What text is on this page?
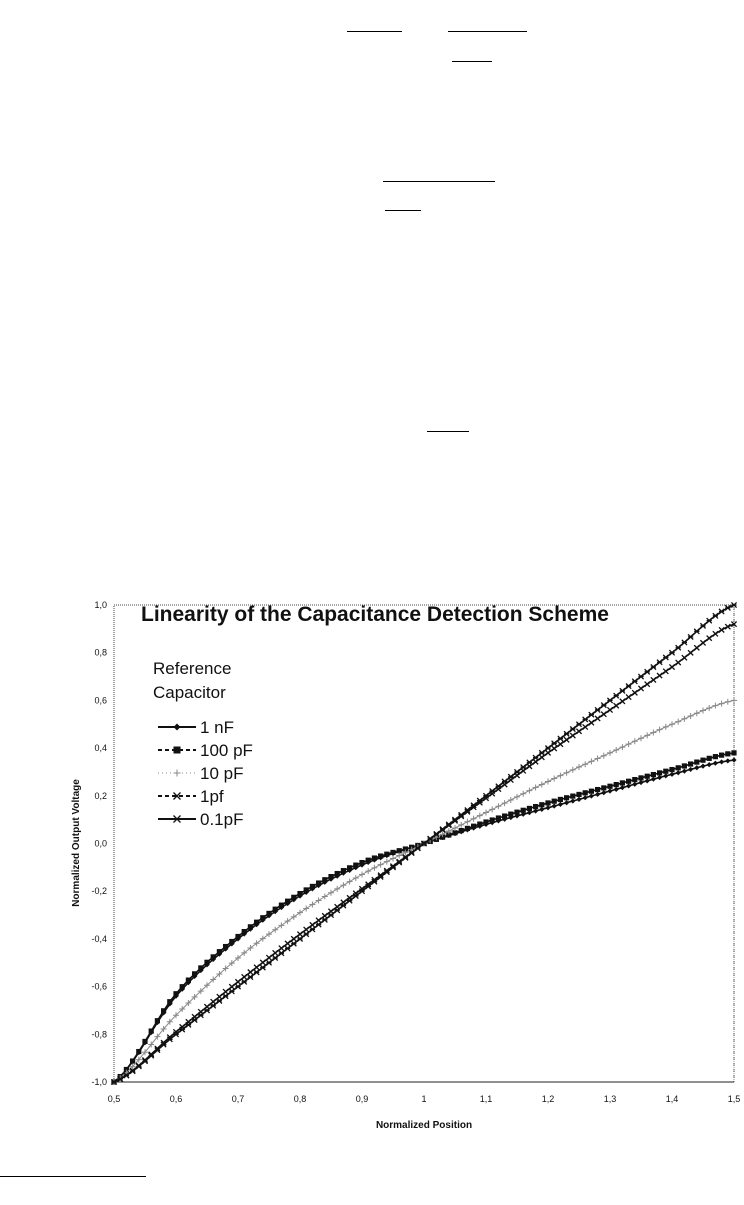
0,5	0,6	0,7	0,8	0,9	1	1,1	1,2	1,3	1,4	1,5
1,0
0,8
0,6
0,4
0,2
0,0
-0,2
-0,4
-0,6
-0,8
-1,0
Linearity of the Capacitance Detection Scheme
Normalized Position
Normalized Output Voltage
Reference
Capacitor
1 nF
100 pF
10 pF
1pf
0.1pF
